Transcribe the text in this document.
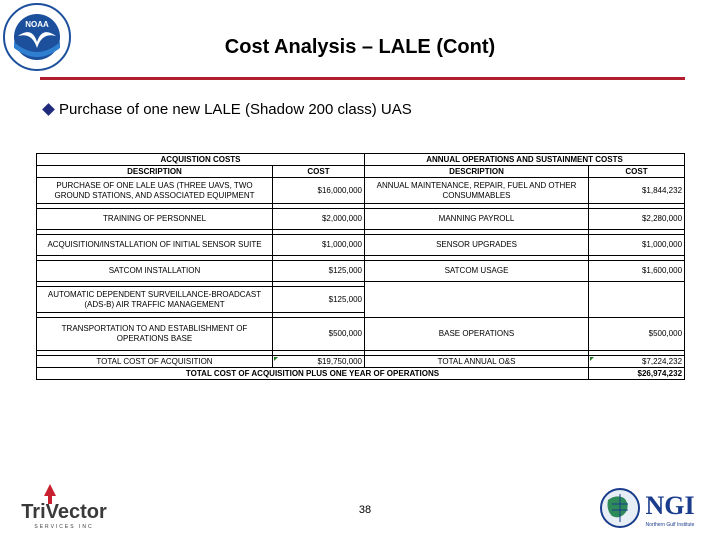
NOAA
Cost Analysis – LALE (Cont)
Purchase of one new LALE (Shadow 200 class) UAS
ACQUISTION COSTS		ANNUAL OPERATIONS AND SUSTAINMENT COSTS	
DESCRIPTION	COST	DESCRIPTION	COST
PURCHASE OF ONE LALE UAS (THREE UAVS, TWO GROUND STATIONS, AND ASSOCIATED EQUIPMENT	$16,000,000	ANNUAL MAINTENANCE, REPAIR, FUEL AND OTHER CONSUMMABLES	$1,844,232

TRAINING OF PERSONNEL	$2,000,000	MANNING PAYROLL	$2,280,000

ACQUISITION/INSTALLATION OF INITIAL SENSOR SUITE	$1,000,000	SENSOR UPGRADES	$1,000,000

SATCOM INSTALLATION	$125,000	SATCOM USAGE	$1,600,000

AUTOMATIC DEPENDENT SURVEILLANCE-BROADCAST (ADS-B) AIR TRAFFIC MANAGEMENT	$125,000		

TRANSPORTATION TO AND ESTABLISHMENT OF OPERATIONS BASE	$500,000	BASE OPERATIONS	$500,000

TOTAL COST OF ACQUISITION	$19,750,000	TOTAL ANNUAL O&S	$7,224,232
TOTAL COST OF ACQUISITION PLUS ONE YEAR OF OPERATIONS			$26,974,232
TriVector
SERVICES INC
38	NGI
Northern Gulf Institute
